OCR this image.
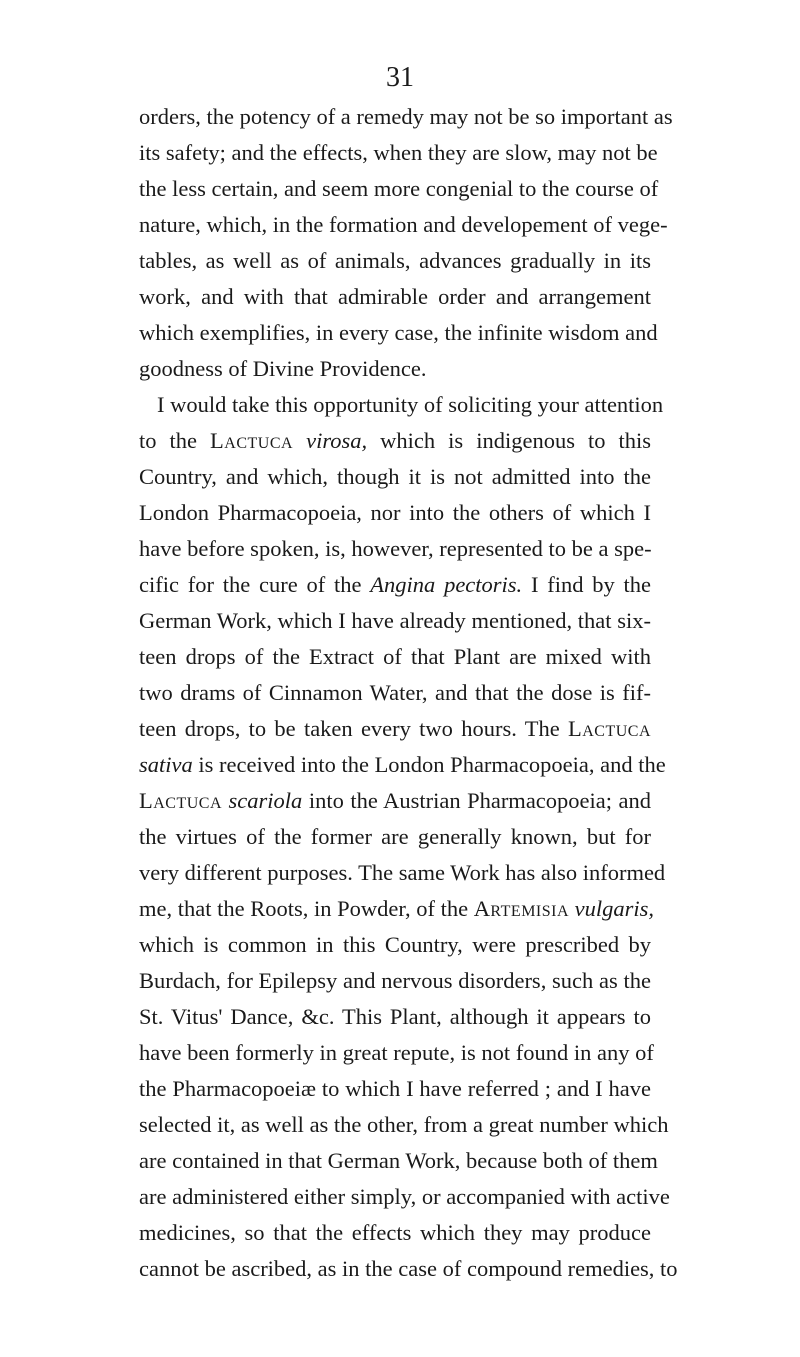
31
orders, the potency of a remedy may not be so important as
its safety; and the effects, when they are slow, may not be
the less certain, and seem more congenial to the course of
nature, which, in the formation and developement of vege-
tables, as well as of animals, advances gradually in its
work, and with that admirable order and arrangement
which exemplifies, in every case, the infinite wisdom and
goodness of Divine Providence.
I would take this opportunity of soliciting your attention
to the Lactuca virosa, which is indigenous to this
Country, and which, though it is not admitted into the
London Pharmacopoeia, nor into the others of which I
have before spoken, is, however, represented to be a spe-
cific for the cure of the Angina pectoris. I find by the
German Work, which I have already mentioned, that six-
teen drops of the Extract of that Plant are mixed with
two drams of Cinnamon Water, and that the dose is fif-
teen drops, to be taken every two hours. The Lactuca
sativa is received into the London Pharmacopoeia, and the
Lactuca scariola into the Austrian Pharmacopoeia; and
the virtues of the former are generally known, but for
very different purposes. The same Work has also informed
me, that the Roots, in Powder, of the Artemisia vulgaris,
which is common in this Country, were prescribed by
Burdach, for Epilepsy and nervous disorders, such as the
St. Vitus' Dance, &c. This Plant, although it appears to
have been formerly in great repute, is not found in any of
the Pharmacopoeiæ to which I have referred ; and I have
selected it, as well as the other, from a great number which
are contained in that German Work, because both of them
are administered either simply, or accompanied with active
medicines, so that the effects which they may produce
cannot be ascribed, as in the case of compound remedies, to
